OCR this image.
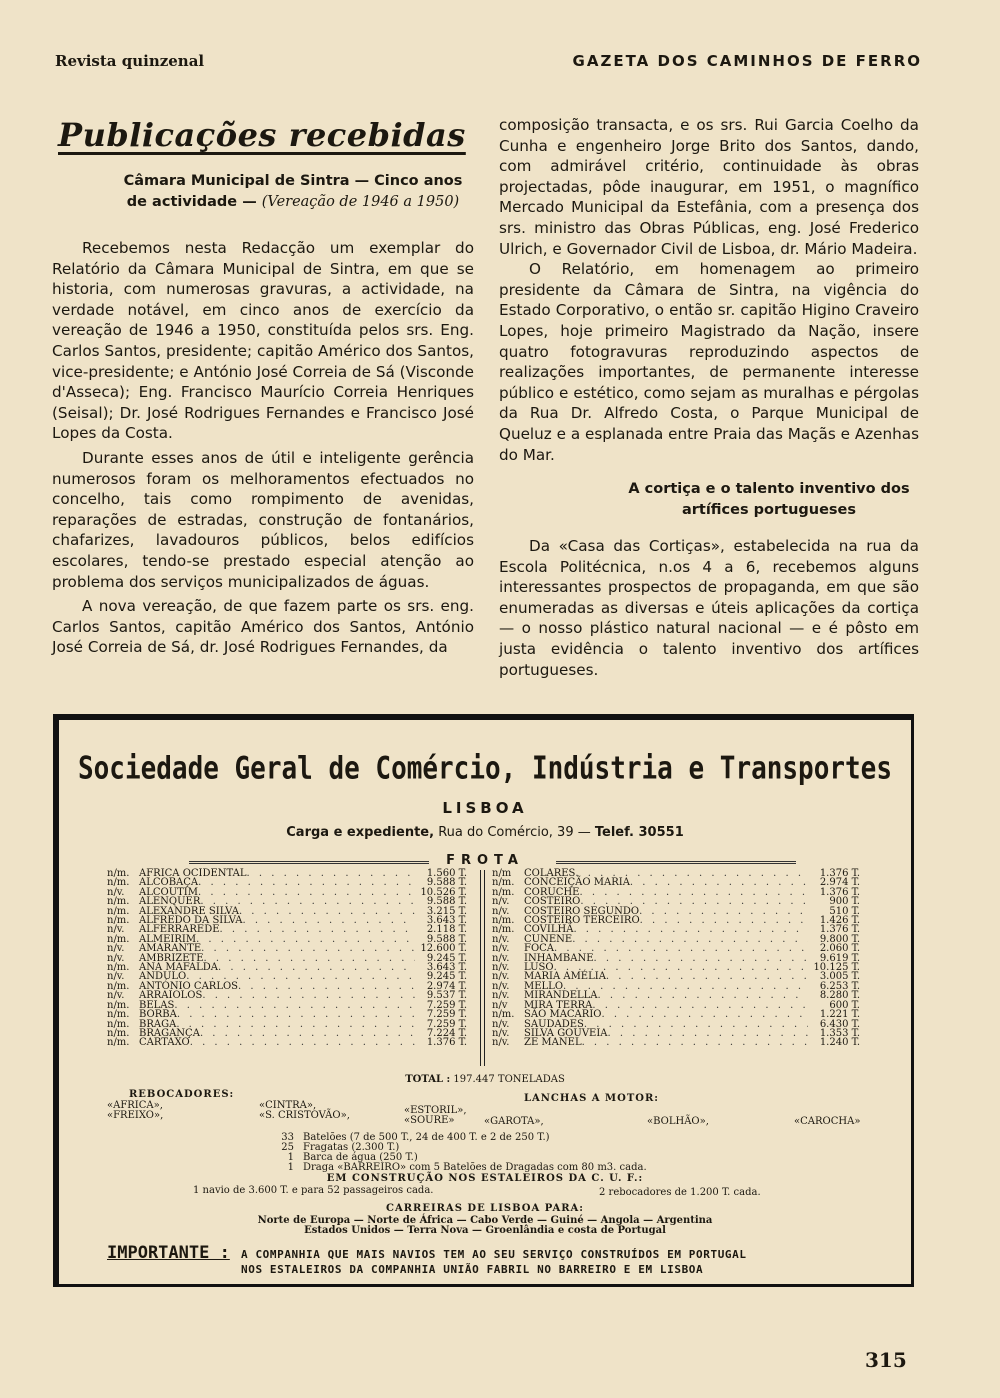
Revista quinzenal	GAZETA DOS CAMINHOS DE FERRO
Publicações recebidas
Câmara Municipal de Sintra — Cinco anos de actividade — (Vereação de 1946 a 1950)

Recebemos nesta Redacção um exemplar do Relatório da Câmara Municipal de Sintra, em que se historia, com numerosas gravuras, a actividade, na verdade notável, em cinco anos de exercício da vereação de 1946 a 1950, constituída pelos srs. Eng. Carlos Santos, presidente; capitão Américo dos Santos, vice-presidente; e António José Correia de Sá (Visconde d'Asseca); Eng. Francisco Maurício Correia Henriques (Seisal); Dr. José Rodrigues Fernandes e Francisco José Lopes da Costa.

Durante esses anos de útil e inteligente gerência numerosos foram os melhoramentos efectuados no concelho, tais como rompimento de avenidas, reparações de estradas, construção de fontanários, chafarizes, lavadouros públicos, belos edifícios escolares, tendo-se prestado especial atenção ao problema dos serviços municipalizados de águas.

A nova vereação, de que fazem parte os srs. eng. Carlos Santos, capitão Américo dos Santos, António José Correia de Sá, dr. José Rodrigues Fernandes, da

composição transacta, e os srs. Rui Garcia Coelho da Cunha e engenheiro Jorge Brito dos Santos, dando, com admirável critério, continuidade às obras projectadas, pôde inaugurar, em 1951, o magnífico Mercado Municipal da Estefânia, com a presença dos srs. ministro das Obras Públicas, eng. José Frederico Ulrich, e Governador Civil de Lisboa, dr. Mário Madeira.

O Relatório, em homenagem ao primeiro presidente da Câmara de Sintra, na vigência do Estado Corporativo, o então sr. capitão Higino Craveiro Lopes, hoje primeiro Magistrado da Nação, insere quatro fotogravuras reproduzindo aspectos de realizações importantes, de permanente interesse público e estético, como sejam as muralhas e pérgolas da Rua Dr. Alfredo Costa, o Parque Municipal de Queluz e a esplanada entre Praia das Maçãs e Azenhas do Mar.

A cortiça e o talento inventivo dos artífices portugueses

Da «Casa das Cortiças», estabelecida na rua da Escola Politécnica, n.os 4 a 6, recebemos alguns interessantes prospectos de propaganda, em que são enumeradas as diversas e úteis aplicações da cortiça — o nosso plástico natural nacional — e é pôsto em justa evidência o talento inventivo dos artífices portugueses.

Sociedade Geral de Comércio, Indústria e Transportes
LISBOA
Carga e expediente, Rua do Comércio, 39 — Telef. 30551
FROTA
n/m. AFRICA OCIDENTAL . . .	1.560 T.
n/m. ALCOBAÇA . . .	9.588 T.
n/v.	ALCOUTIM . . .	10.526 T.
n/m. ALENQUER . . .	9.588 T.
n/m. ALEXANDRE SILVA . . .	3.215 T.
n/m. ALFREDO DA SILVA . . .	3.643 T.
n/v.	ALFERRAREDE . . .	2.118 T.
n/m. ALMEIRIM . . .	9.588 T.
n/v.	AMARANTE . . .	12.600 T.
n/v.	AMBRIZETE . . .	9.245 T.
n/m. ANA MAFALDA . . .	3.643 T.
n/v.	ANDULO . . .	9.245 T.
n/m. ANTÓNIO CARLOS . . .	2.974 T.
n/v.	ARRAIOLOS . . .	9.537 T.
n/m. BELAS . . .	7.259 T.
n/m. BORBA . . .	7.259 T.
n/m. BRAGA . . .	7.259 T.
n/m. BRAGANÇA . . .	7.224 T.
n/m. CARTAXO . . .	1.376 T.
n/m	COLARES . . .	1.376 T.
n/m. CONCEIÇÃO MARIA . . .	2.974 T.
n/m. CORUCHE . . .	1.376 T.
n/v.	COSTEIRO . . .	900 T.
n/v.	COSTEIRO SEGUNDO . . .	510 T.
n/m. COSTEIRO TERCEIRO . . .	1.426 T.
n/m. COVILHÃ . . .	1.376 T.
n/v.	CUNENE . . .	9.800 T.
n/v.	FOCA . . .	2.060 T.
n/v.	INHAMBANE . . .	9.619 T.
n/v.	LUSO . . .	10.125 T.
n/v.	MARIA AMÉLIA . . .	3.005 T.
n/v.	MELLO . . .	6.253 T.
n/v.	MIRANDELLA . . .	8.280 T.
n/v	MIRA TERRA . . .	600 T.
n/m. SÃO MACARIO . . .	1.221 T.
n/v.	SAUDADES . . .	6.430 T.
n/v.	SILVA GOUVEIA . . .	1.353 T.
n/v.	ZE MANEL . . .	1.240 T.
TOTAL : 197.447 TONELADAS
REBOCADORES:
«AFRICA»,
«FREIXO»,
«CINTRA»,
«S. CRISTOVÃO»,	«ESTORIL»,
«SOURE»
LANCHAS A MOTOR:
«GAROTA»,	«BOLHÃO»,	«CAROCHA»
33 Batelões (7 de 500 T., 24 de 400 T. e 2 de 250 T.)
25 Fragatas (2.300 T.)
1 Barca de água (250 T.)
1 Draga «BARREIRO» com 5 Batelões de Dragadas com 80 m3. cada.
EM CONSTRUÇÃO NOS ESTALEIROS DA C. U. F.:
1 navio de 3.600 T. e para 52 passageiros cada.	2 rebocadores de 1.200 T. cada.
CARREIRAS DE LISBOA PARA:
Norte de Europa — Norte de África — Cabo Verde — Guiné — Angola — Argentina
Estados Unidos — Terra Nova — Groenlândia e costa de Portugal
IMPORTANTE : A COMPANHIA QUE MAIS NAVIOS TEM AO SEU SERVIÇO CONSTRUÍDOS EM PORTUGAL
NOS ESTALEIROS DA COMPANHIA UNIÃO FABRIL NO BARREIRO E EM LISBOA
315
